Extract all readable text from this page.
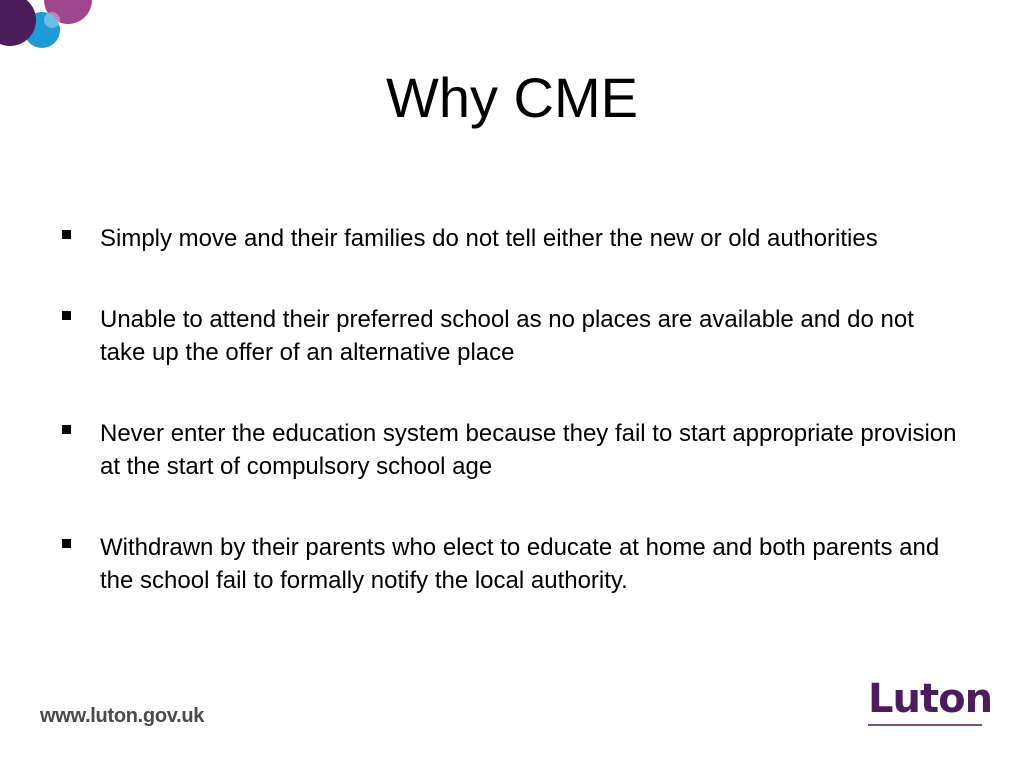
Why CME
Simply move and their families do not tell either the new or old authorities
Unable to attend their preferred school as no places are available and do not take up the offer of an alternative place
Never enter the education system because they fail to start appropriate provision at the start of compulsory school age
Withdrawn by their parents who elect to educate at home and both parents and the school fail to formally notify the local authority.
www.luton.gov.uk	Luton
